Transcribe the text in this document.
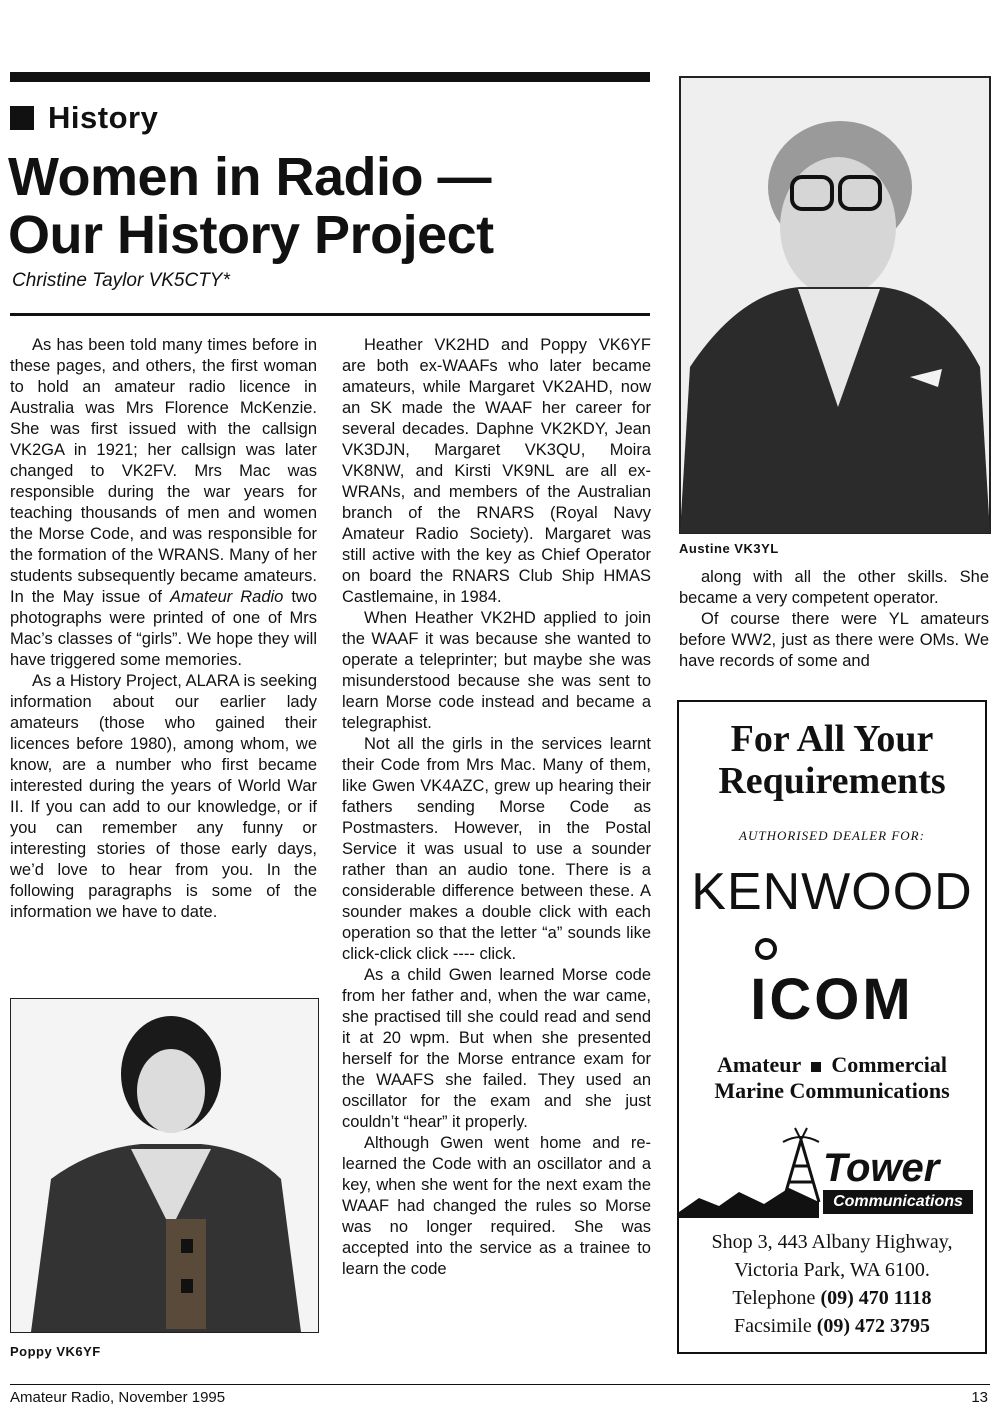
History
Women in Radio —
Our History Project
Christine Taylor VK5CTY*

As has been told many times before in these pages, and others, the first woman to hold an amateur radio licence in Australia was Mrs Florence McKenzie. She was first issued with the callsign VK2GA in 1921; her callsign was later changed to VK2FV. Mrs Mac was responsible during the war years for teaching thousands of men and women the Morse Code, and was responsible for the formation of the WRANS. Many of her students subsequently became amateurs. In the May issue of Amateur Radio two photographs were printed of one of Mrs Mac’s classes of “girls”. We hope they will have triggered some memories.

As a History Project, ALARA is seeking information about our earlier lady amateurs (those who gained their licences before 1980), among whom, we know, are a number who first became interested during the years of World War II. If you can add to our knowledge, or if you can remember any funny or interesting stories of those early days, we’d love to hear from you. In the following paragraphs is some of the information we have to date.

Poppy VK6YF

Heather VK2HD and Poppy VK6YF are both ex-WAAFs who later became amateurs, while Margaret VK2AHD, now an SK made the WAAF her career for several decades. Daphne VK2KDY, Jean VK3DJN, Margaret VK3QU, Moira VK8NW, and Kirsti VK9NL are all ex-WRANs, and members of the Australian branch of the RNARS (Royal Navy Amateur Radio Society). Margaret was still active with the key as Chief Operator on board the RNARS Club Ship HMAS Castlemaine, in 1984.

When Heather VK2HD applied to join the WAAF it was because she wanted to operate a teleprinter; but maybe she was misunderstood because she was sent to learn Morse code instead and became a telegraphist.

Not all the girls in the services learnt their Code from Mrs Mac. Many of them, like Gwen VK4AZC, grew up hearing their fathers sending Morse Code as Postmasters. However, in the Postal Service it was usual to use a sounder rather than an audio tone. There is a considerable difference between these. A sounder makes a double click with each operation so that the letter “a” sounds like click-click click ---- click.

As a child Gwen learned Morse code from her father and, when the war came, she practised till she could read and send it at 20 wpm. But when she presented herself for the Morse entrance exam for the WAAFS she failed. They used an oscillator for the exam and she just couldn’t “hear” it properly.

Although Gwen went home and re-learned the Code with an oscillator and a key, when she went for the next exam the WAAF had changed the rules so Morse was no longer required. She was accepted into the service as a trainee to learn the code

Austine VK3YL

along with all the other skills. She became a very competent operator.

Of course there were YL amateurs before WW2, just as there were OMs. We have records of some and

For All Your
Requirements
AUTHORISED DEALER FOR:
KENWOOD
ICOM
Amateur Commercial
Marine Communications
Tower
Communications
Shop 3, 443 Albany Highway,
Victoria Park, WA 6100.
Telephone (09) 470 1118
Facsimile (09) 472 3795
Amateur Radio, November 1995	13
